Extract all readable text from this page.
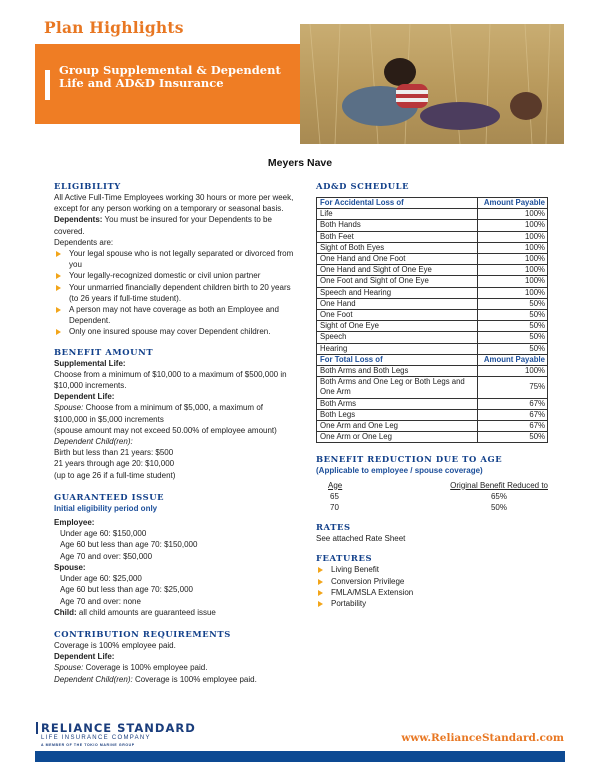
Plan Highlights
Group Supplemental & Dependent Life and AD&D Insurance
Meyers Nave
ELIGIBILITY

All Active Full-Time Employees working 30 hours or more per week, except for any person working on a temporary or seasonal basis.

Dependents: You must be insured for your Dependents to be covered.

Dependents are:

Your legal spouse who is not legally separated or divorced from you
Your legally-recognized domestic or civil union partner
Your unmarried financially dependent children birth to 20 years (to 26 years if full-time student).
A person may not have coverage as both an Employee and Dependent.
Only one insured spouse may cover Dependent children.
BENEFIT AMOUNT

Supplemental Life:

Choose from a minimum of $10,000 to a maximum of $500,000 in $10,000 increments.

Dependent Life:

Spouse: Choose from a minimum of $5,000, a maximum of $100,000 in $5,000 increments

(spouse amount may not exceed 50.00% of employee amount)

Dependent Child(ren):

Birth but less than 21 years: $500

21 years through age 20: $10,000

(up to age 26 if a full-time student)

GUARANTEED ISSUE

Initial eligibility period only

Employee:

Under age 60: $150,000

Age 60 but less than age 70: $150,000

Age 70 and over: $50,000

Spouse:

Under age 60: $25,000

Age 60 but less than age 70: $25,000

Age 70 and over: none

Child: all child amounts are guaranteed issue

CONTRIBUTION REQUIREMENTS

Coverage is 100% employee paid.

Dependent Life:

Spouse: Coverage is 100% employee paid.

Dependent Child(ren): Coverage is 100% employee paid.

AD&D SCHEDULE
For Accidental Loss of	Amount Payable
Life	100%
Both Hands	100%
Both Feet	100%
Sight of Both Eyes	100%
One Hand and One Foot	100%
One Hand and Sight of One Eye	100%
One Foot and Sight of One Eye	100%
Speech and Hearing	100%
One Hand	50%
One Foot	50%
Sight of One Eye	50%
Speech	50%
Hearing	50%
For Total Loss of	Amount Payable
Both Arms and Both Legs	100%
Both Arms and One Leg or Both Legs and One Arm	75%
Both Arms	67%
Both Legs	67%
One Arm and One Leg	67%
One Arm or One Leg	50%
BENEFIT REDUCTION DUE TO AGE

(Applicable to employee / spouse coverage)

Age	Original Benefit Reduced to
65	65%
70	50%
RATES

See attached Rate Sheet

FEATURES
Living Benefit
Conversion Privilege
FMLA/MSLA Extension
Portability
RELIANCE STANDARD
LIFE INSURANCE COMPANY
A MEMBER OF THE TOKIO MARINE GROUP
www.RelianceStandard.com
